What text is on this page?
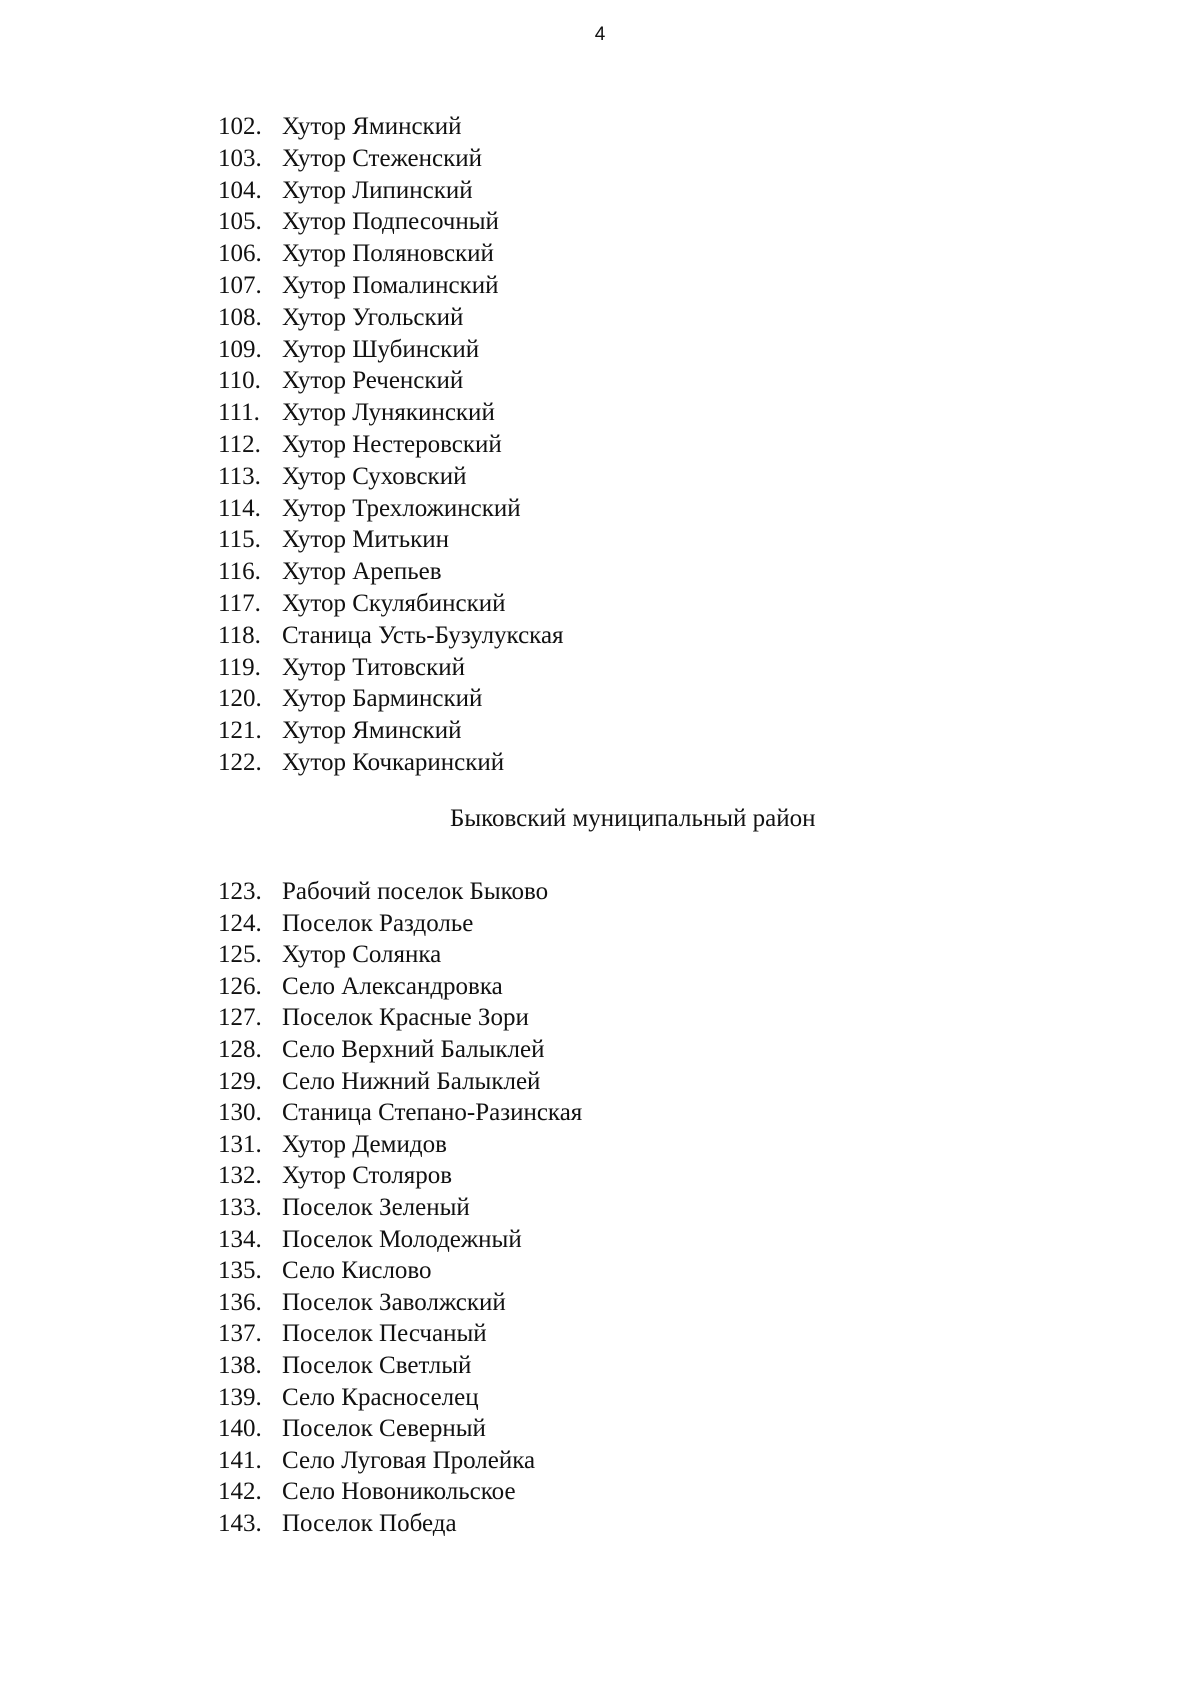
4
102. Хутор Яминский
103. Хутор Стеженский
104. Хутор Липинский
105. Хутор Подпесочный
106. Хутор Поляновский
107. Хутор Помалинский
108. Хутор Угольский
109. Хутор Шубинский
110. Хутор Реченский
111. Хутор Лунякинский
112. Хутор Нестеровский
113. Хутор Суховский
114. Хутор Трехложинский
115. Хутор Митькин
116. Хутор Арепьев
117. Хутор Скулябинский
118. Станица Усть-Бузулукская
119. Хутор Титовский
120. Хутор Барминский
121. Хутор Яминский
122. Хутор Кочкаринский
Быковский муниципальный район
123. Рабочий поселок Быково
124. Поселок Раздолье
125. Хутор Солянка
126. Село Александровка
127. Поселок Красные Зори
128. Село Верхний Балыклей
129. Село Нижний Балыклей
130. Станица Степано-Разинская
131. Хутор Демидов
132. Хутор Столяров
133. Поселок Зеленый
134. Поселок Молодежный
135. Село Кислово
136. Поселок Заволжский
137. Поселок Песчаный
138. Поселок Светлый
139. Село Красноселец
140. Поселок Северный
141. Село Луговая Пролейка
142. Село Новоникольское
143. Поселок Победа
